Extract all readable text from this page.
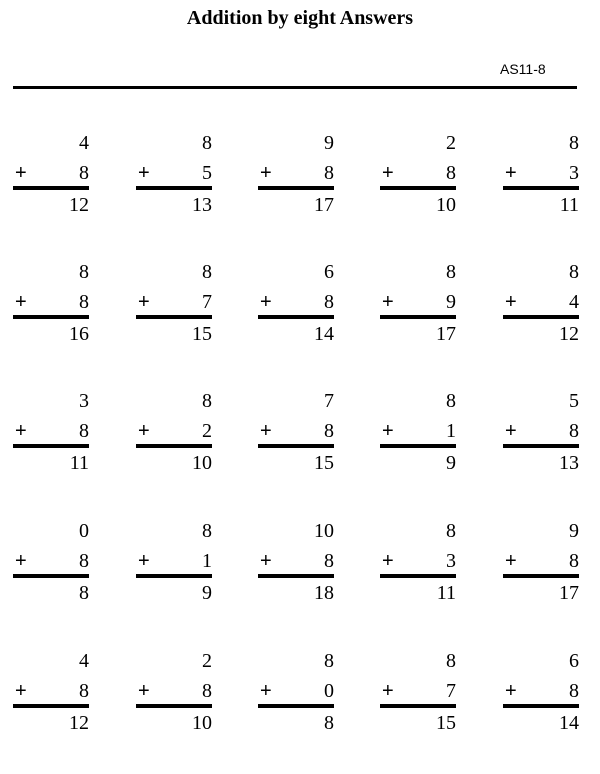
Addition by eight Answers
AS11-8
4
+	8
12
8
+	5
13
9
+	8
17
2
+	8
10
8
+	3
11
8
+	8
16
8
+	7
15
6
+	8
14
8
+	9
17
8
+	4
12
3
+	8
11
8
+	2
10
7
+	8
15
8
+	1
9
5
+	8
13
0
+	8
8
8
+	1
9
10
+	8
18
8
+	3
11
9
+	8
17
4
+	8
12
2
+	8
10
8
+	0
8
8
+	7
15
6
+	8
14
